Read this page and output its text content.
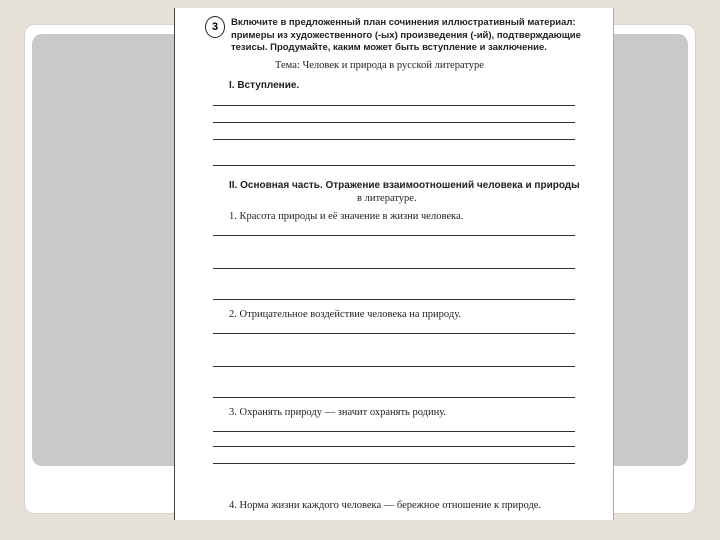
3	Включите в предложенный план сочинения иллюстративный материал: примеры из художественного (-ых) произведения (-ий), подтверждающие тезисы. Продумайте, каким может быть вступление и заключение.

Тема: Человек и природа в русской литературе

I. Вступление.

II. Основная часть. Отражение взаимоотношений человека и природы

в литературе.

1. Красота природы и её значение в жизни человека.

2. Отрицательное воздействие человека на природу.

3. Охранять природу — значит охранять родину.

4. Норма жизни каждого человека — бережное отношение к природе.
